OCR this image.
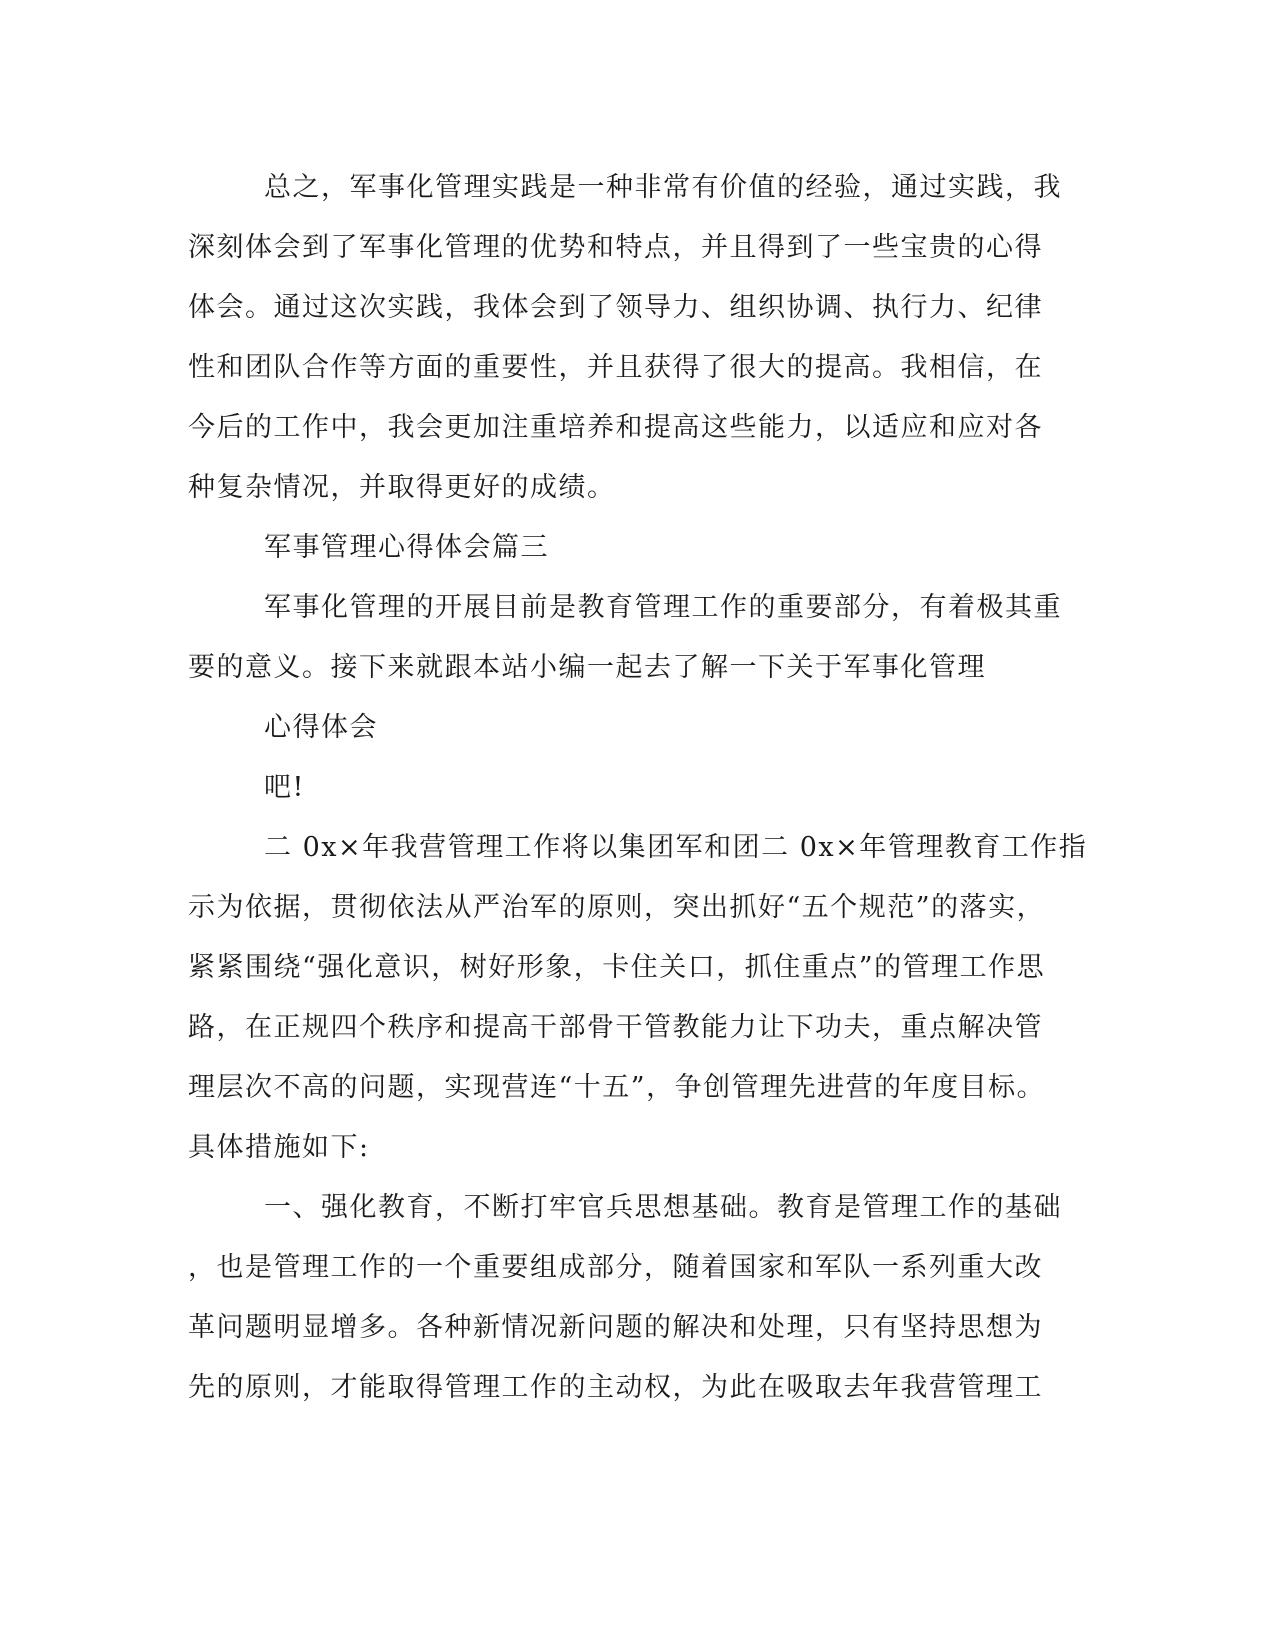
总之，军事化管理实践是一种非常有价值的经验，通过实践，我
深刻体会到了军事化管理的优势和特点，并且得到了一些宝贵的心得
体会。通过这次实践，我体会到了领导力、组织协调、执行力、纪律
性和团队合作等方面的重要性，并且获得了很大的提高。我相信，在
今后的工作中，我会更加注重培养和提高这些能力，以适应和应对各
种复杂情况，并取得更好的成绩。
军事管理心得体会篇三
军事化管理的开展目前是教育管理工作的重要部分，有着极其重
要的意义。接下来就跟本站小编一起去了解一下关于军事化管理
心得体会
吧!
二 0x×年我营管理工作将以集团军和团二 0x×年管理教育工作指
示为依据，贯彻依法从严治军的原则，突出抓好“五个规范”的落实，
紧紧围绕“强化意识，树好形象，卡住关口，抓住重点”的管理工作思
路，在正规四个秩序和提高干部骨干管教能力让下功夫，重点解决管
理层次不高的问题，实现营连“十五”，争创管理先进营的年度目标。
具体措施如下:
一、强化教育，不断打牢官兵思想基础。教育是管理工作的基础
，也是管理工作的一个重要组成部分，随着国家和军队一系列重大改
革问题明显增多。各种新情况新问题的解决和处理，只有坚持思想为
先的原则，才能取得管理工作的主动权，为此在吸取去年我营管理工
